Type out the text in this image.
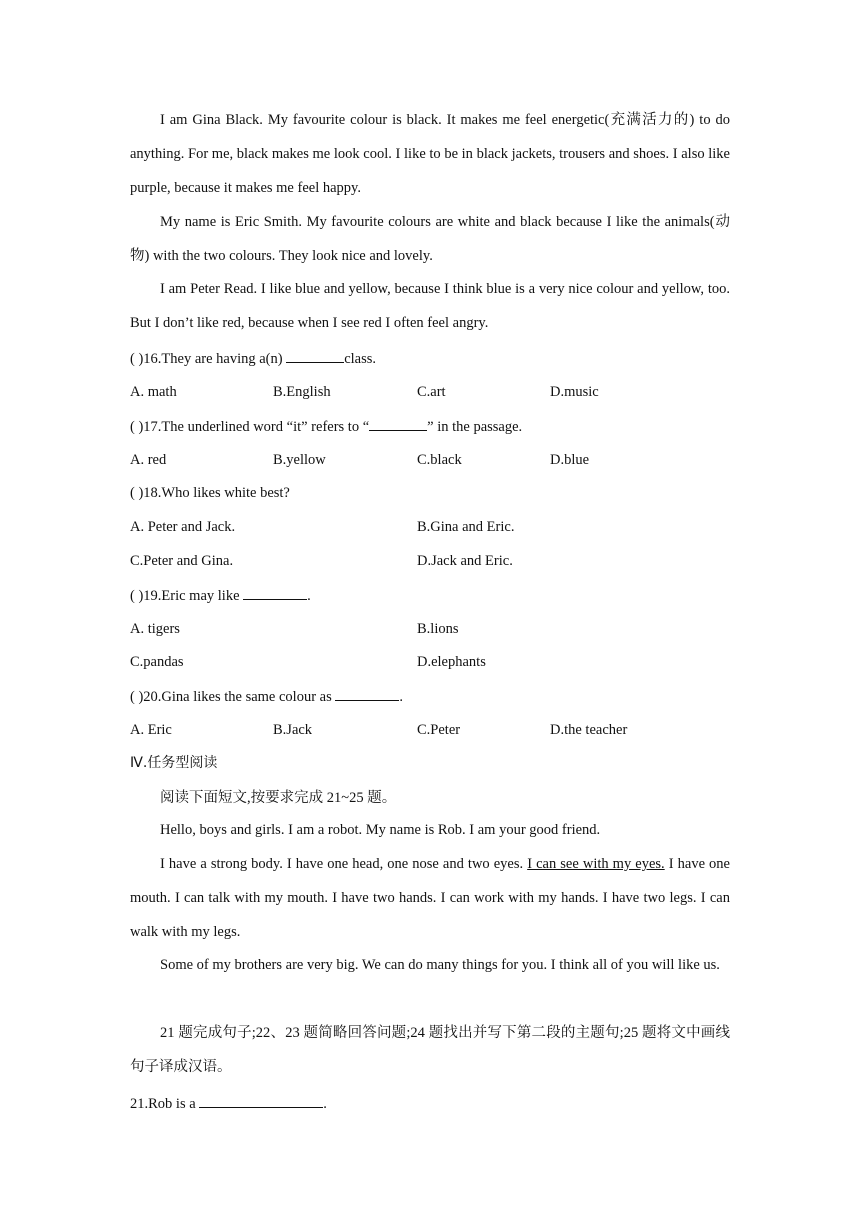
I am Gina Black. My favourite colour is black. It makes me feel energetic(充满活力的) to do anything. For me, black makes me look cool. I like to be in black jackets, trousers and shoes. I also like purple, because it makes me feel happy.

My name is Eric Smith. My favourite colours are white and black because I like the animals(动物) with the two colours. They look nice and lovely.

I am Peter Read. I like blue and yellow, because I think blue is a very nice colour and yellow, too. But I don’t like red, because when I see red I often feel angry.

( )16.They are having a(n)	class.
A. math	B.English	C.art	D.music
( )17.The underlined word “it” refers to “	” in the passage.
A. red	B.yellow	C.black	D.blue
( )18.Who likes white best?
A. Peter and Jack.	B.Gina and Eric.
C.Peter and Gina.	D.Jack and Eric.
( )19.Eric may like	.
A. tigers	B.lions
C.pandas	D.elephants
( )20.Gina likes the same colour as	.
A. Eric	B.Jack	C.Peter	D.the teacher
Ⅳ.任务型阅读
阅读下面短文,按要求完成 21~25 题。

Hello, boys and girls. I am a robot. My name is Rob. I am your good friend.

I have a strong body. I have one head, one nose and two eyes. I can see with my eyes. I have one mouth. I can talk with my mouth. I have two hands. I can work with my hands. I have two legs. I can walk with my legs.

Some of my brothers are very big. We can do many things for you. I think all of you will like us.

21 题完成句子;22、23 题简略回答问题;24 题找出并写下第二段的主题句;25 题将文中画线句子译成汉语。

21.Rob is a	.
